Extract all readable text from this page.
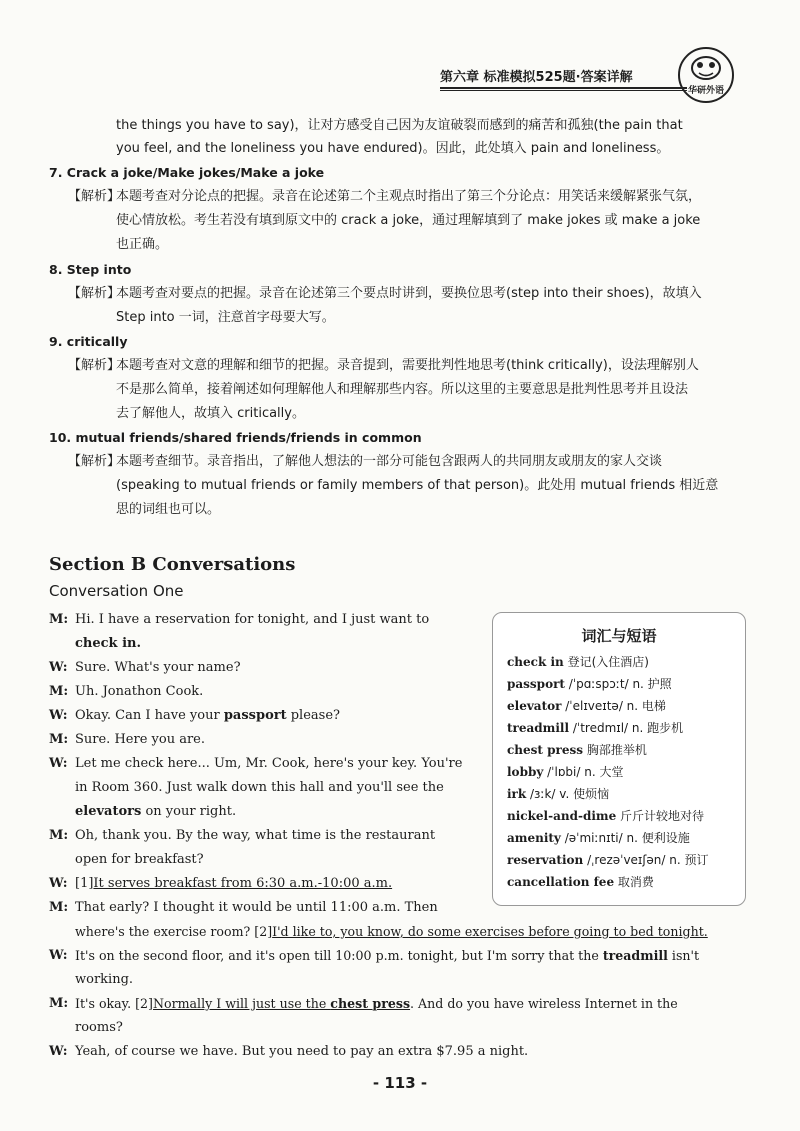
第六章 标准模拟525题·答案详解
华研外语
the things you have to say)，让对方感受自己因为友谊破裂而感到的痛苦和孤独(the pain that
you feel, and the loneliness you have endured)。因此，此处填入 pain and loneliness。
7. Crack a joke/Make jokes/Make a joke
【解析】
本题考查对分论点的把握。录音在论述第二个主观点时指出了第三个分论点：用笑话来缓解紧张气氛，
使心情放松。考生若没有填到原文中的 crack a joke，通过理解填到了 make jokes 或 make a joke
也正确。
8. Step into
【解析】
本题考查对要点的把握。录音在论述第三个要点时讲到，要换位思考(step into their shoes)，故填入
Step into 一词，注意首字母要大写。
9. critically
【解析】
本题考查对文意的理解和细节的把握。录音提到，需要批判性地思考(think critically)，设法理解别人
不是那么简单，接着阐述如何理解他人和理解那些内容。所以这里的主要意思是批判性思考并且设法
去了解他人，故填入 critically。
10. mutual friends/shared friends/friends in common
【解析】
本题考查细节。录音指出，了解他人想法的一部分可能包含跟两人的共同朋友或朋友的家人交谈
(speaking to mutual friends or family members of that person)。此处用 mutual friends 相近意
思的词组也可以。
Section B Conversations
Conversation One
M: Hi. I have a reservation for tonight, and I just want to
check in.
W: Sure. What's your name?
M: Uh. Jonathon Cook.
W: Okay. Can I have your passport please?
M: Sure. Here you are.
W: Let me check here... Um, Mr. Cook, here's your key. You're
in Room 360. Just walk down this hall and you'll see the
elevators on your right.
M: Oh, thank you. By the way, what time is the restaurant
open for breakfast?
W: [1]It serves breakfast from 6:30 a.m.-10:00 a.m.
M: That early? I thought it would be until 11:00 a.m. Then
where's the exercise room? [2]I'd like to, you know, do some exercises before going to bed tonight.
W: It's on the second floor, and it's open till 10:00 p.m. tonight, but I'm sorry that the treadmill isn't
working.
M: It's okay. [2]Normally I will just use the chest press. And do you have wireless Internet in the
rooms?
W: Yeah, of course we have. But you need to pay an extra $7.95 a night.
词汇与短语
check in 登记(入住酒店)
passport /ˈpɑːspɔːt/ n. 护照
elevator /ˈelɪveɪtə/ n. 电梯
treadmill /ˈtredmɪl/ n. 跑步机
chest press 胸部推举机
lobby /ˈlɒbi/ n. 大堂
irk /ɜːk/ v. 使烦恼
nickel-and-dime 斤斤计较地对待
amenity /əˈmiːnɪti/ n. 便利设施
reservation /ˌrezəˈveɪʃən/ n. 预订
cancellation fee 取消费
- 113 -
